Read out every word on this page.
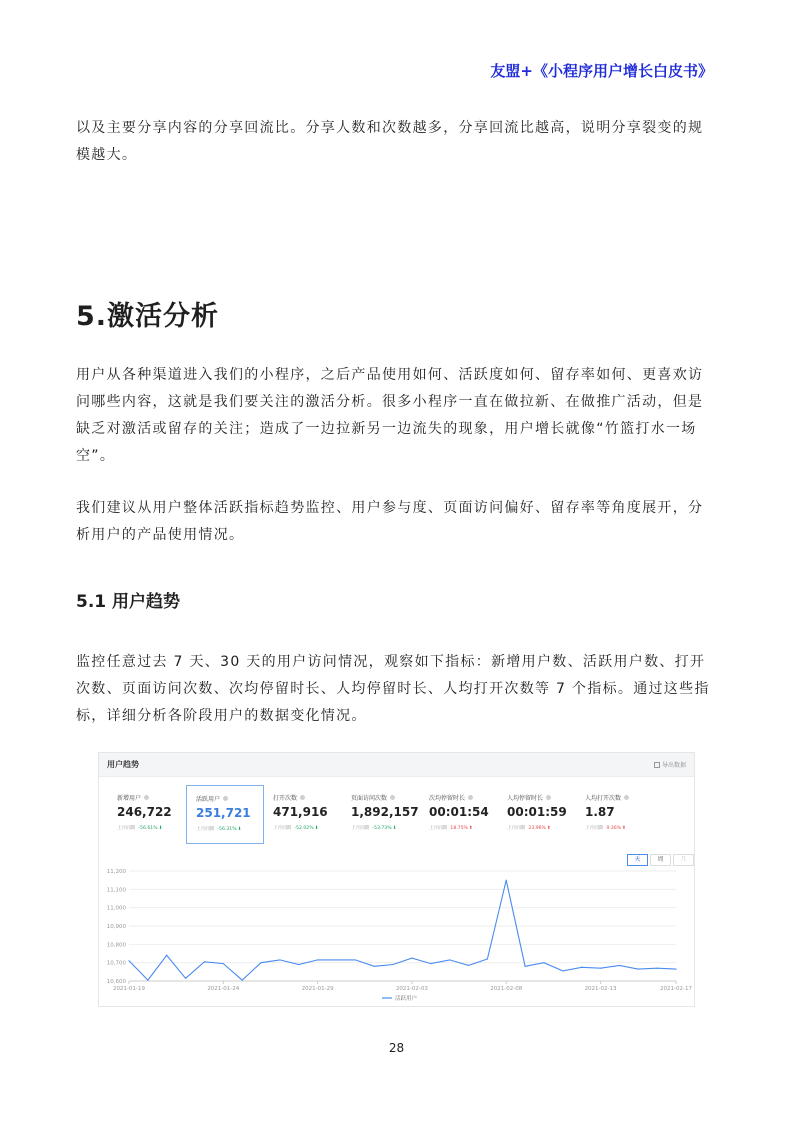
友盟+《小程序用户增长白皮书》

以及主要分享内容的分享回流比。分享人数和次数越多，分享回流比越高，说明分享裂变的规模越大。

5.激活分析

用户从各种渠道进入我们的小程序，之后产品使用如何、活跃度如何、留存率如何、更喜欢访问哪些内容，这就是我们要关注的激活分析。很多小程序一直在做拉新、在做推广活动，但是缺乏对激活或留存的关注；造成了一边拉新另一边流失的现象，用户增长就像“竹篮打水一场空”。

我们建议从用户整体活跃指标趋势监控、用户参与度、页面访问偏好、留存率等角度展开，分析用户的产品使用情况。

5.1 用户趋势

监控任意过去 7 天、30 天的用户访问情况，观察如下指标：新增用户数、活跃用户数、打开次数、页面访问次数、次均停留时长、人均停留时长、人均打开次数等 7 个指标。通过这些指标，详细分析各阶段用户的数据变化情况。

用户趋势	导出数据
新增用户
246,722
上月同期 -56.61%⬇
活跃用户
251,721
上月同期 -56.31%⬇
打开次数
471,916
上月同期 -52.02%⬇
页面访问次数
1,892,157
上月同期 -53.73%⬇
次均停留时长
00:01:54
上月同期 18.75%⬆
人均停留时长
00:01:59
上月同期 23.96%⬆
人均打开次数
1.87
上月同期 9.36%⬆
天	周	月
10,600
10,700
10,800
10,900
11,000
11,100
11,200
2021-01-19	2021-01-24	2021-01-29	2021-02-03	2021-02-08	2021-02-13	2021-02-17
活跃用户
28
